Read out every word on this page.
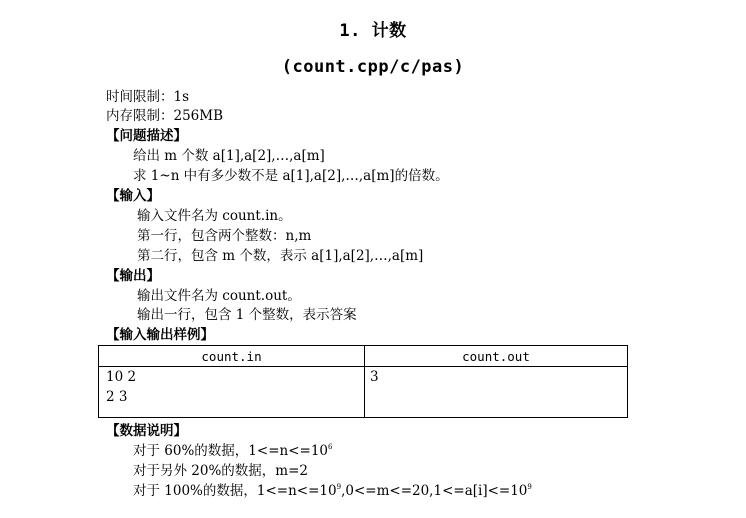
1. 计数
(count.cpp/c/pas)
时间限制：1s
内存限制：256MB
【问题描述】
给出 m 个数 a[1],a[2],…,a[m]
求 1~n 中有多少数不是 a[1],a[2],…,a[m]的倍数。
【输入】
输入文件名为 count.in。
第一行，包含两个整数：n,m
第二行，包含 m 个数，表示 a[1],a[2],…,a[m]
【输出】
输出文件名为 count.out。
输出一行，包含 1 个整数，表示答案
【输入输出样例】
count.in	count.out
10 2
2 3
3
【数据说明】
对于 60%的数据，$1<=n<=10^6$
对于另外 20%的数据，m=2
对于 100%的数据，$1<=n<=10^9,0<=m<=20,1<=a[i]<=10^9$
